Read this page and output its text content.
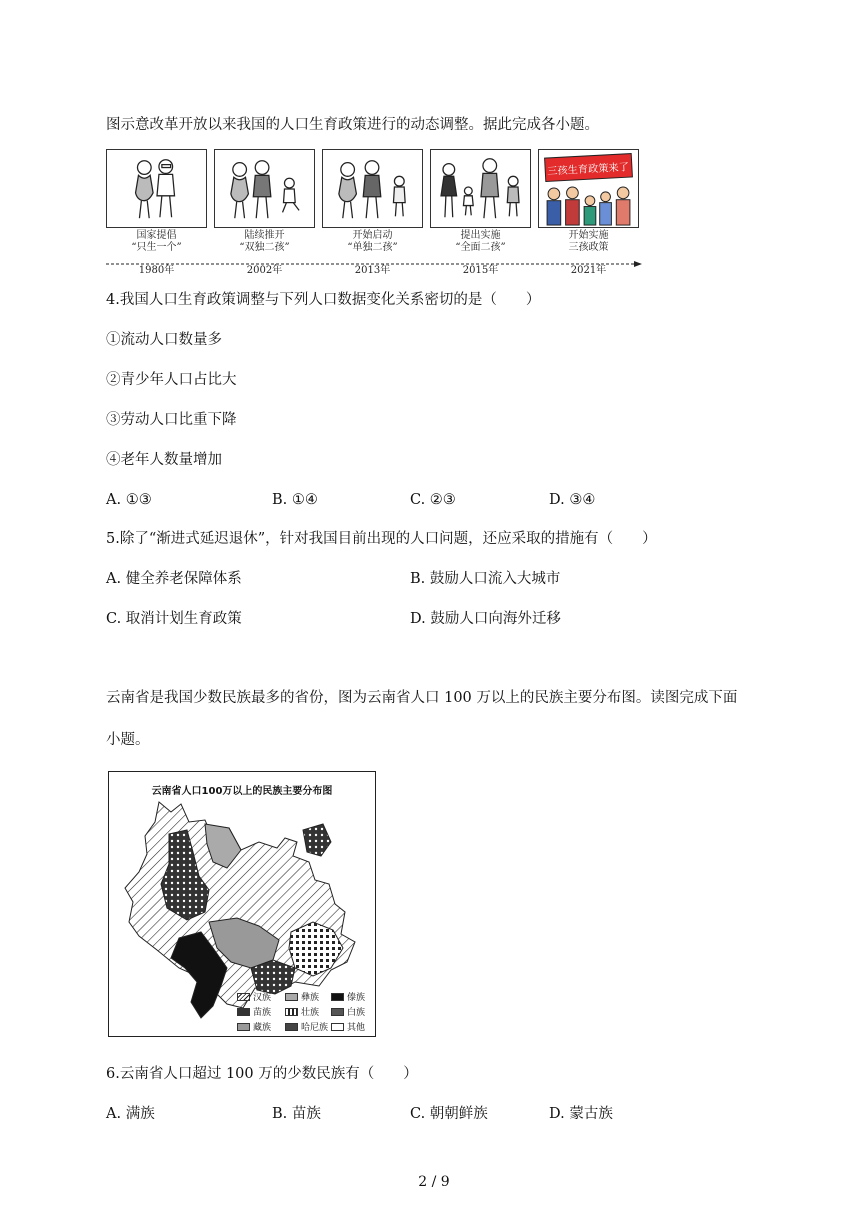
图示意改革开放以来我国的人口生育政策进行的动态调整。据此完成各小题。
三孩生育政策来了
国家提倡
“只生一个”
陆续推开
“双独二孩”
开始启动
“单独二孩”
提出实施
“全面二孩”
开始实施
三孩政策
1980年	2002年	2013年	2015年	2021年
4.我国人口生育政策调整与下列人口数据变化关系密切的是（　　）
①流动人口数量多
②青少年人口占比大
③劳动人口比重下降
④老年人数量增加
A. ①③	B. ①④	C. ②③	D. ③④
5.除了“渐进式延迟退休”，针对我国目前出现的人口问题，还应采取的措施有（　　）
A. 健全养老保障体系	B. 鼓励人口流入大城市
C. 取消计划生育政策	D. 鼓励人口向海外迁移
云南省是我国少数民族最多的省份，图为云南省人口 100 万以上的民族主要分布图。读图完成下面
小题。
云南省人口100万以上的民族主要分布图
汉族	彝族	傣族
苗族	壮族	白族
藏族	哈尼族	其他
6.云南省人口超过 100 万的少数民族有（　　）
A. 满族	B. 苗族	C. 朝朝鲜族	D. 蒙古族
2 / 9
